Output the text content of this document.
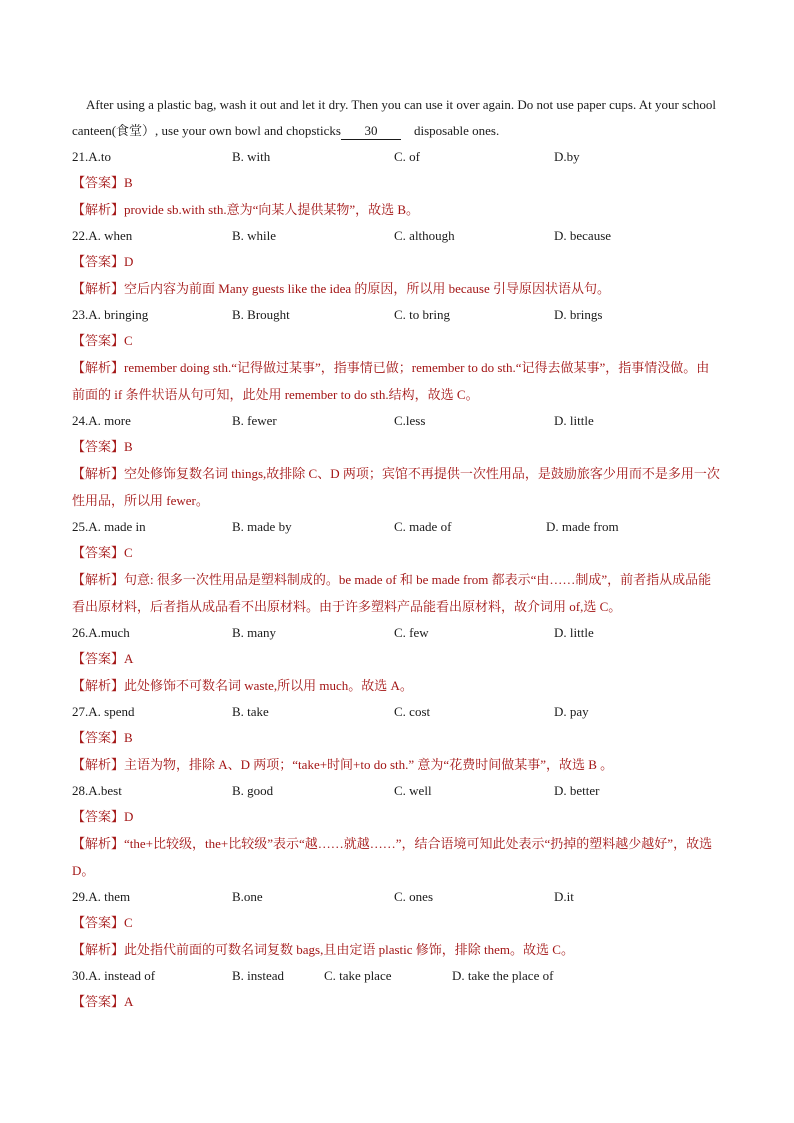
After using a plastic bag, wash it out and let it dry. Then you can use it over again. Do not use paper cups. At your school canteen(食堂）, use your own bowl and chopsticks 30	disposable ones.

21.A.to	B. with	C. of	D.by
【答案】B

【解析】provide sb.with sth.意为“向某人提供某物”，故选 B。

22.A. when	B. while	C. although	D. because
【答案】D

【解析】空后内容为前面 Many guests like the idea 的原因，所以用 because 引导原因状语从句。

23.A. bringing	B. Brought	C. to bring	D. brings
【答案】C

【解析】remember doing sth.“记得做过某事”，指事情已做；remember to do sth.“记得去做某事”，指事情没做。由前面的 if 条件状语从句可知，此处用 remember to do sth.结构，故选 C。

24.A. more	B. fewer	C.less	D. little
【答案】B

【解析】空处修饰复数名词 things,故排除 C、D 两项；宾馆不再提供一次性用品，是鼓励旅客少用而不是多用一次性用品，所以用 fewer。

25.A. made in	B. made by	C. made of	D. made from
【答案】C

【解析】句意: 很多一次性用品是塑料制成的。be made of 和 be made from 都表示“由……制成”，前者指从成品能看出原材料，后者指从成品看不出原材料。由于许多塑料产品能看出原材料，故介词用 of,选 C。

26.A.much	B. many	C. few	D. little
【答案】A

【解析】此处修饰不可数名词 waste,所以用 much。故选 A。

27.A. spend	B. take	C. cost	D. pay
【答案】B

【解析】主语为物，排除 A、D 两项；“take+时间+to do sth.” 意为“花费时间做某事”，故选 B 。

28.A.best	B. good	C. well	D. better
【答案】D

【解析】“the+比较级，the+比较级”表示“越……就越……”，结合语境可知此处表示“扔掉的塑料越少越好”，故选 D。

29.A. them	B.one	C. ones	D.it
【答案】C

【解析】此处指代前面的可数名词复数 bags,且由定语 plastic 修饰，排除 them。故选 C。

30.A. instead of	B. instead	C. take place	D. take the place of
【答案】A
